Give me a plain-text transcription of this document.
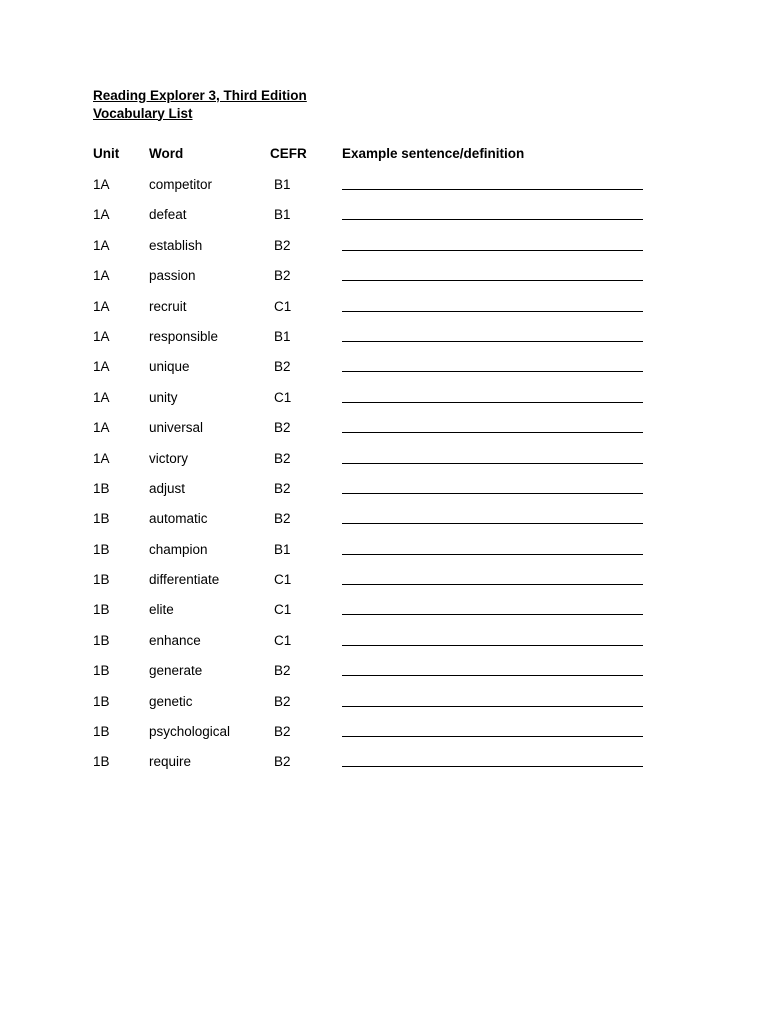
Reading Explorer 3, Third Edition
Vocabulary List
Unit Word	CEFR	Example sentence/definition
1A	competitor	B1
1A	defeat	B1
1A	establish	B2
1A	passion	B2
1A	recruit	C1
1A	responsible	B1
1A	unique	B2
1A	unity	C1
1A	universal	B2
1A	victory	B2
1B	adjust	B2
1B	automatic	B2
1B	champion	B1
1B	differentiate	C1
1B	elite	C1
1B	enhance	C1
1B	generate	B2
1B	genetic	B2
1B	psychological	B2
1B	require	B2
